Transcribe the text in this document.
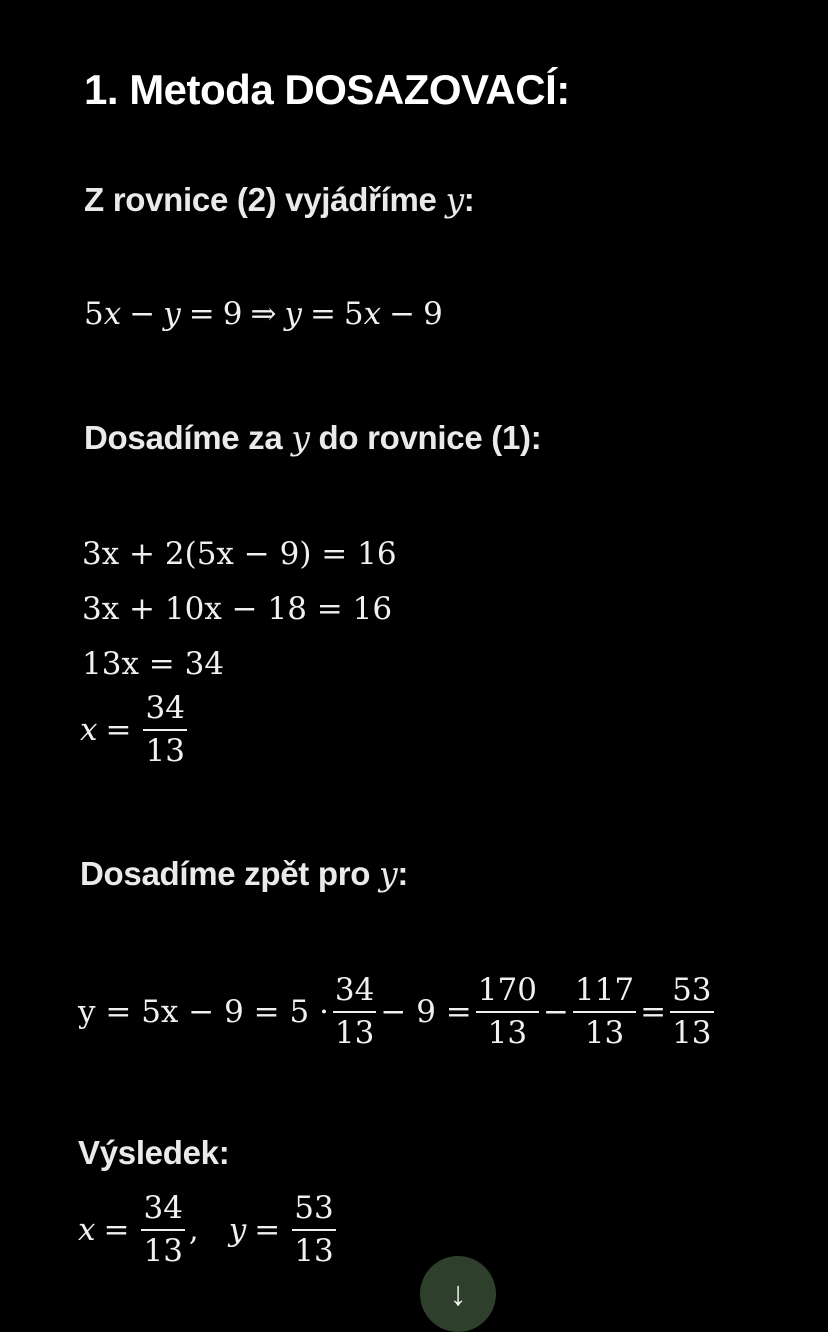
1. Metoda DOSAZOVACÍ:
Z rovnice (2) vyjádříme y:
5 x − y = 9 ⇒ y = 5 x − 9
Dosadíme za y do rovnice (1):
3x + 2(5x − 9) = 16
3x + 10x − 18 = 16
13x = 34
$x = \frac{34}{13}$
Dosadíme zpět pro y:
$y = 5x - 9 = 5 \cdot \frac{34}{13} - 9 = \frac{170}{13} - \frac{117}{13} = \frac{53}{13}$
Výsledek:
$x = \frac{34}{13}$ , $y = \frac{53}{13}$
↓
